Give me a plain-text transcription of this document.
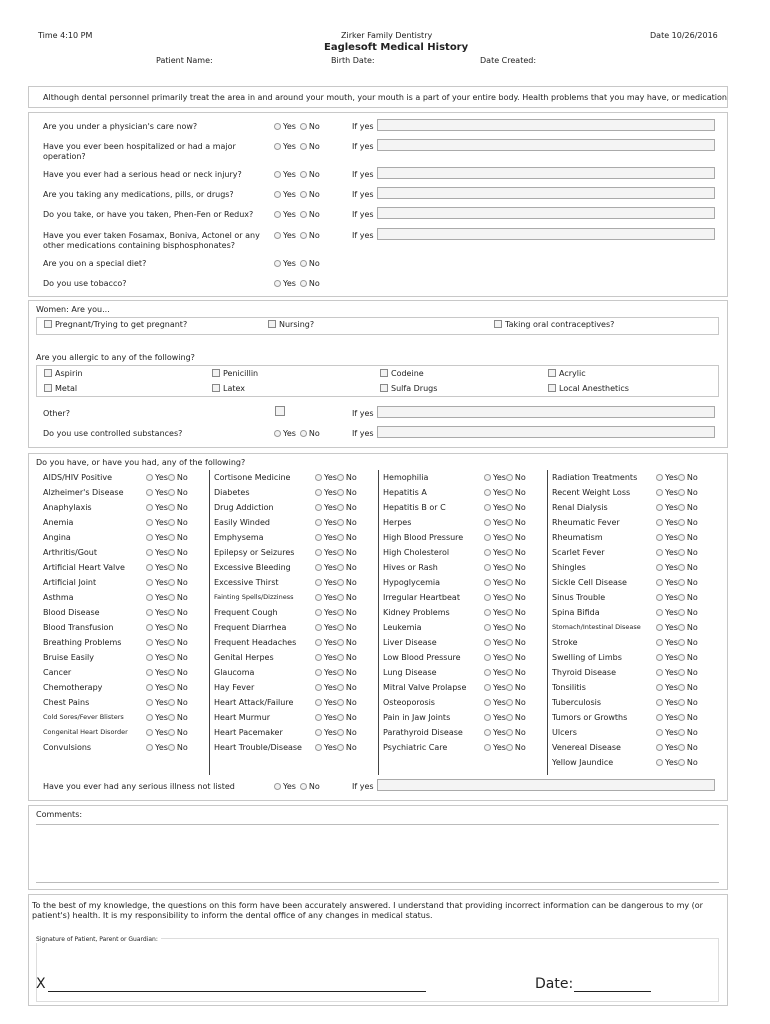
Time 4:10 PM	Zirker Family Dentistry
Eaglesoft Medical History
Date 10/26/2016
Patient Name:	Birth Date:	Date Created:
Although dental personnel primarily treat the area in and around your mouth, your mouth is a part of your entire body. Health problems that you may have, or medication
Are you under a physician's care now?	Yes No	If yes
Have you ever been hospitalized or had a major operation?
Yes No	If yes
Have you ever had a serious head or neck injury?	Yes No	If yes
Are you taking any medications, pills, or drugs?	Yes No	If yes
Do you take, or have you taken, Phen-Fen or Redux?	Yes No	If yes
Have you ever taken Fosamax, Boniva, Actonel or any other medications containing bisphosphonates?
Yes No	If yes
Are you on a special diet?	Yes No
Do you use tobacco?	Yes No
Women: Are you...
Pregnant/Trying to get pregnant?	Nursing?	Taking oral contraceptives?
Are you allergic to any of the following?
Aspirin	Penicillin	Codeine	Acrylic
Metal	Latex	Sulfa Drugs	Local Anesthetics
Other?	If yes
Do you use controlled substances?	Yes No	If yes
Do you have, or have you had, any of the following?
AIDS/HIV Positive	Yes No
Alzheimer's Disease	Yes No
Anaphylaxis	Yes No
Anemia	Yes No
Angina	Yes No
Arthritis/Gout	Yes No
Artificial Heart Valve	Yes No
Artificial Joint	Yes No
Asthma	Yes No
Blood Disease	Yes No
Blood Transfusion	Yes No
Breathing Problems	Yes No
Bruise Easily	Yes No
Cancer	Yes No
Chemotherapy	Yes No
Chest Pains	Yes No
Cold Sores/Fever Blisters	Yes No
Congenital Heart Disorder	Yes No
Convulsions	Yes No
Cortisone Medicine	Yes No
Diabetes	Yes No
Drug Addiction	Yes No
Easily Winded	Yes No
Emphysema	Yes No
Epilepsy or Seizures	Yes No
Excessive Bleeding	Yes No
Excessive Thirst	Yes No
Fainting Spells/Dizziness	Yes No
Frequent Cough	Yes No
Frequent Diarrhea	Yes No
Frequent Headaches	Yes No
Genital Herpes	Yes No
Glaucoma	Yes No
Hay Fever	Yes No
Heart Attack/Failure	Yes No
Heart Murmur	Yes No
Heart Pacemaker	Yes No
Heart Trouble/Disease	Yes No
Hemophilia	Yes No
Hepatitis A	Yes No
Hepatitis B or C	Yes No
Herpes	Yes No
High Blood Pressure	Yes No
High Cholesterol	Yes No
Hives or Rash	Yes No
Hypoglycemia	Yes No
Irregular Heartbeat	Yes No
Kidney Problems	Yes No
Leukemia	Yes No
Liver Disease	Yes No
Low Blood Pressure	Yes No
Lung Disease	Yes No
Mitral Valve Prolapse	Yes No
Osteoporosis	Yes No
Pain in Jaw Joints	Yes No
Parathyroid Disease	Yes No
Psychiatric Care	Yes No
Radiation Treatments	Yes No
Recent Weight Loss	Yes No
Renal Dialysis	Yes No
Rheumatic Fever	Yes No
Rheumatism	Yes No
Scarlet Fever	Yes No
Shingles	Yes No
Sickle Cell Disease	Yes No
Sinus Trouble	Yes No
Spina Bifida	Yes No
Stomach/Intestinal Disease	Yes No
Stroke	Yes No
Swelling of Limbs	Yes No
Thyroid Disease	Yes No
Tonsilitis	Yes No
Tuberculosis	Yes No
Tumors or Growths	Yes No
Ulcers	Yes No
Venereal Disease	Yes No
Yellow Jaundice	Yes No
Have you ever had any serious illness not listed	Yes No	If yes
Comments:
To the best of my knowledge, the questions on this form have been accurately answered. I understand that providing incorrect information can be dangerous to my (or patient's) health. It is my responsibility to inform the dental office of any changes in medical status.
Signature of Patient, Parent or Guardian:
X	Date:
